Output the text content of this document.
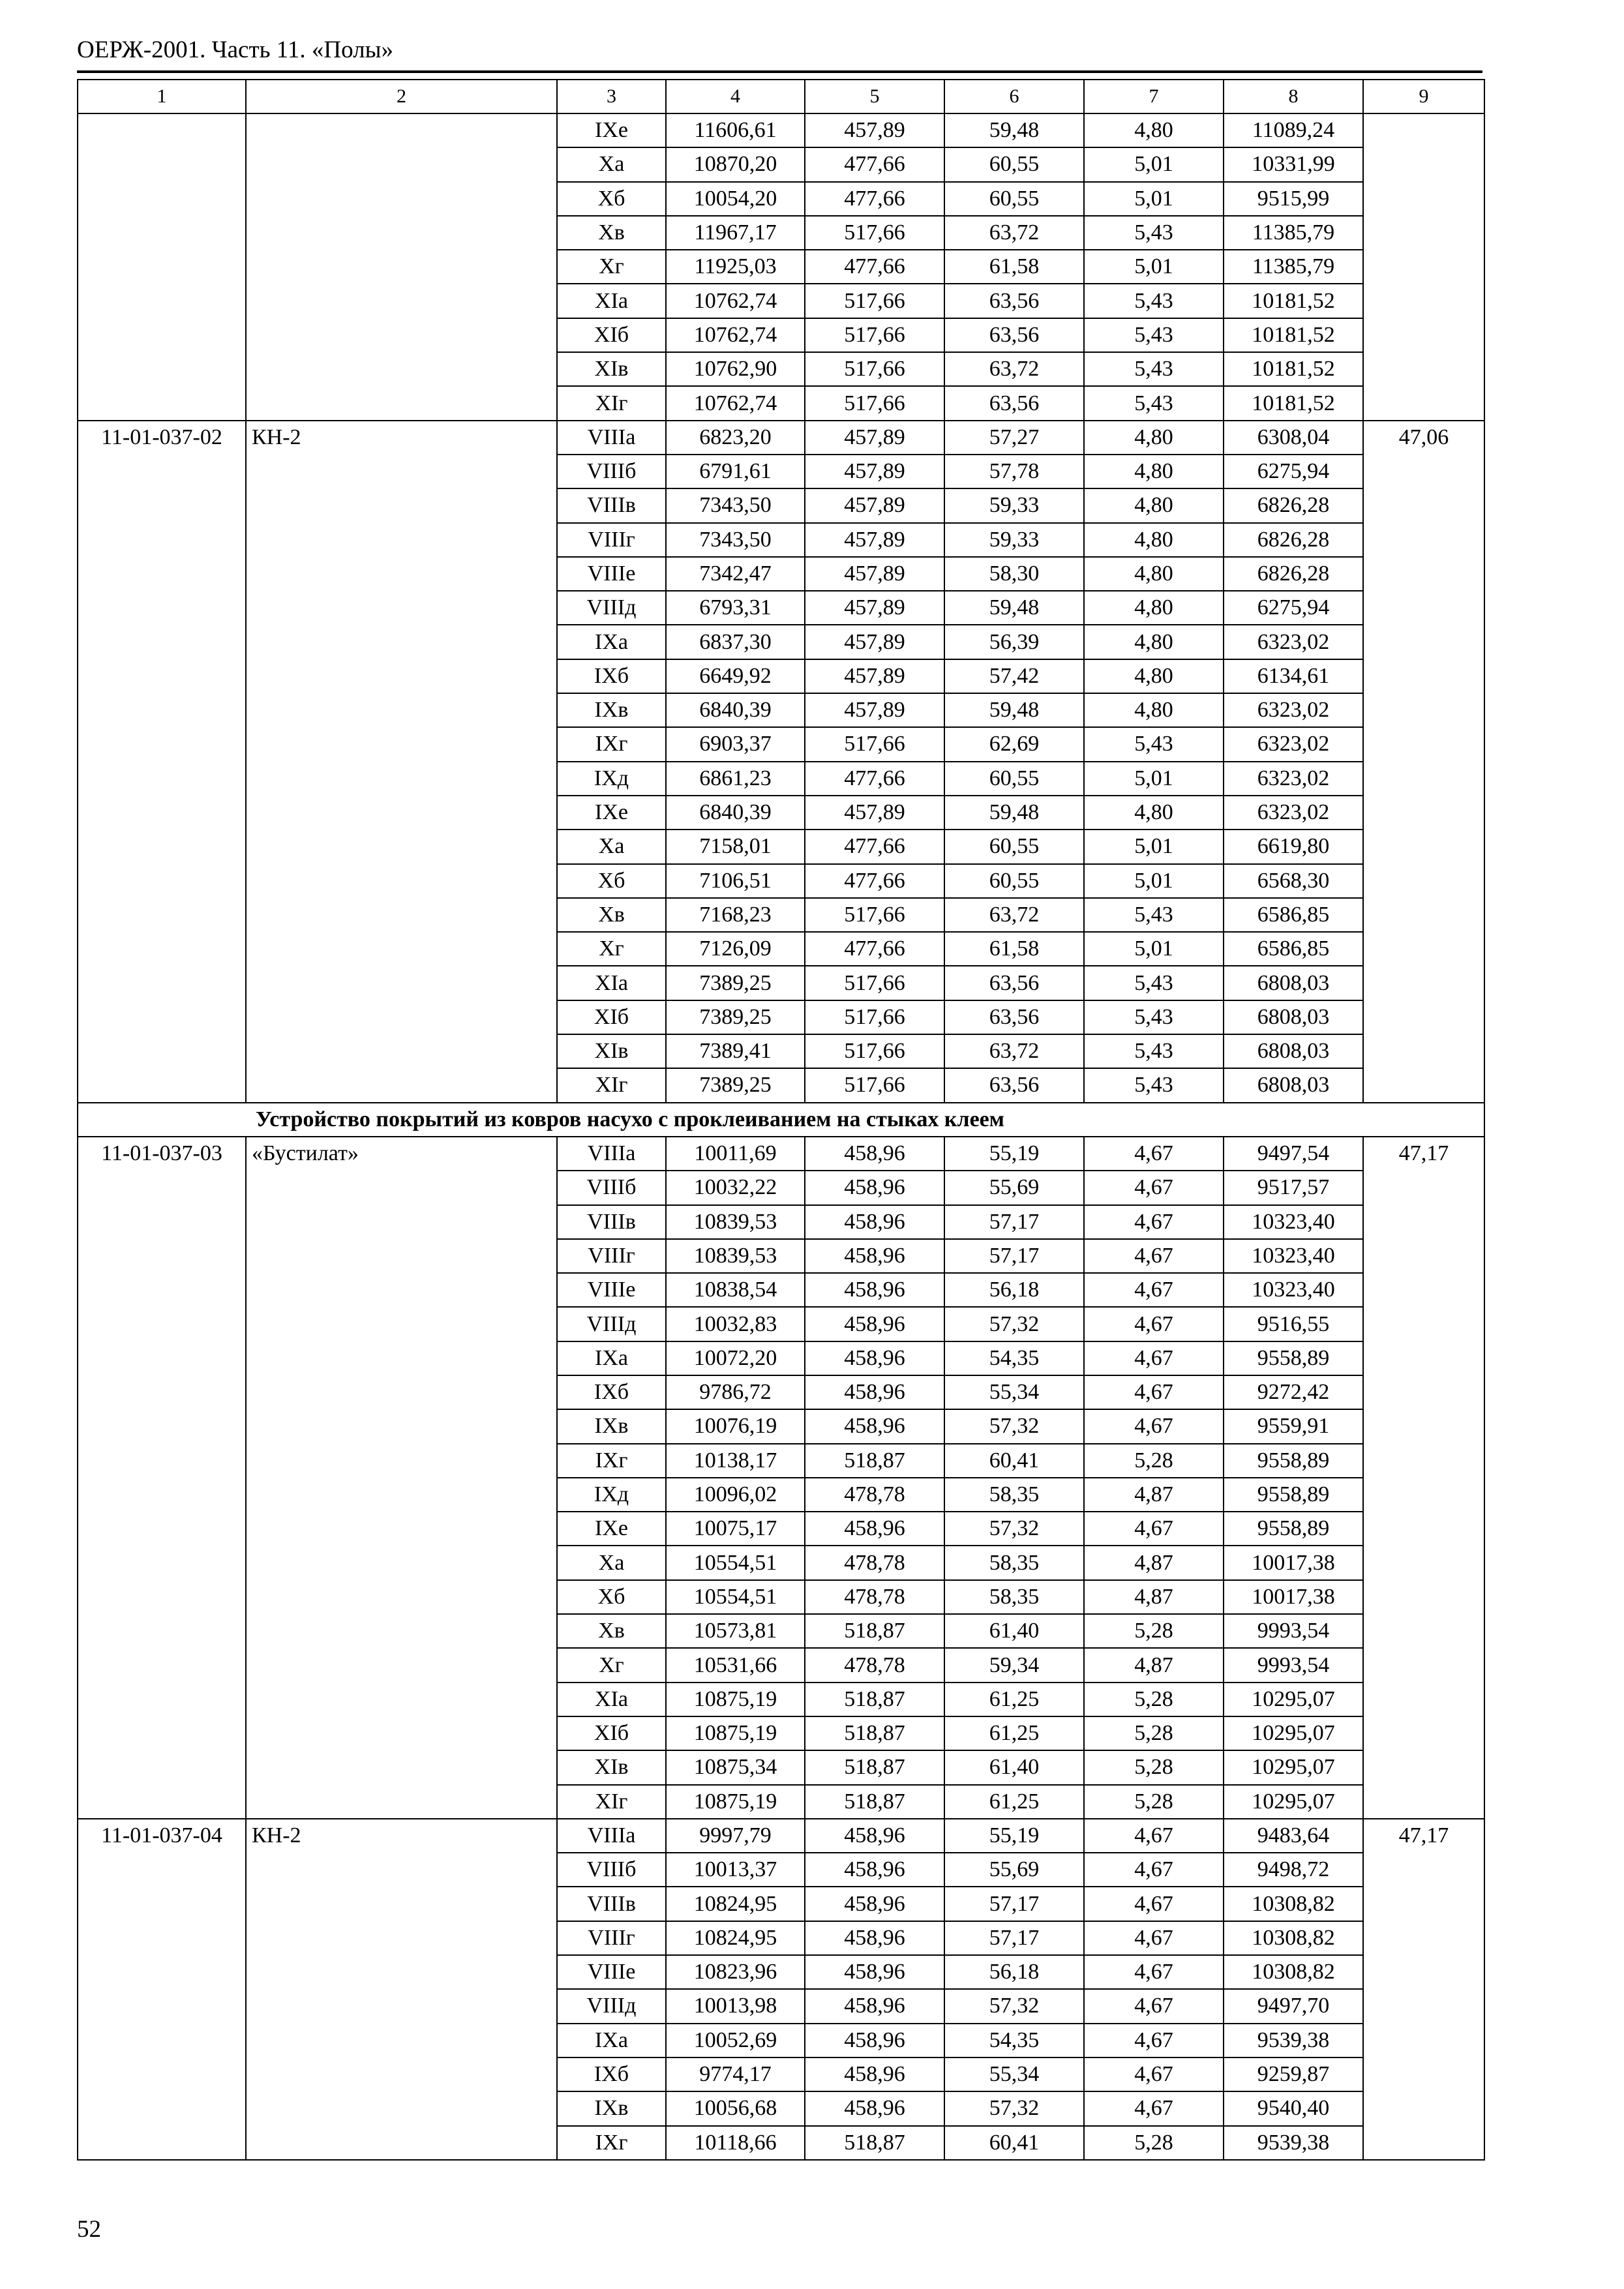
ОЕРЖ-2001. Часть 11. «Полы»
1	2	3	4	5	6	7	8	9
		IXe	11606,61	457,89	59,48	4,80	11089,24	
		Xa	10870,20	477,66	60,55	5,01	10331,99	
		Xб	10054,20	477,66	60,55	5,01	9515,99	
		Xв	11967,17	517,66	63,72	5,43	11385,79	
		Xг	11925,03	477,66	61,58	5,01	11385,79	
		XIa	10762,74	517,66	63,56	5,43	10181,52	
		XIб	10762,74	517,66	63,56	5,43	10181,52	
		XIв	10762,90	517,66	63,72	5,43	10181,52	
		XIг	10762,74	517,66	63,56	5,43	10181,52	
11-01-037-02	КН-2	VIIIa	6823,20	457,89	57,27	4,80	6308,04	47,06
		VIIIб	6791,61	457,89	57,78	4,80	6275,94	
		VIIIв	7343,50	457,89	59,33	4,80	6826,28	
		VIIIг	7343,50	457,89	59,33	4,80	6826,28	
		VIIIe	7342,47	457,89	58,30	4,80	6826,28	
		VIIIд	6793,31	457,89	59,48	4,80	6275,94	
		IXa	6837,30	457,89	56,39	4,80	6323,02	
		IXб	6649,92	457,89	57,42	4,80	6134,61	
		IXв	6840,39	457,89	59,48	4,80	6323,02	
		IXг	6903,37	517,66	62,69	5,43	6323,02	
		IXд	6861,23	477,66	60,55	5,01	6323,02	
		IXe	6840,39	457,89	59,48	4,80	6323,02	
		Xa	7158,01	477,66	60,55	5,01	6619,80	
		Xб	7106,51	477,66	60,55	5,01	6568,30	
		Xв	7168,23	517,66	63,72	5,43	6586,85	
		Xг	7126,09	477,66	61,58	5,01	6586,85	
		XIa	7389,25	517,66	63,56	5,43	6808,03	
		XIб	7389,25	517,66	63,56	5,43	6808,03	
		XIв	7389,41	517,66	63,72	5,43	6808,03	
		XIг	7389,25	517,66	63,56	5,43	6808,03	
Устройство покрытий из ковров насухо с проклеиванием на стыках клеем								
11-01-037-03	«Бустилат»	VIIIa	10011,69	458,96	55,19	4,67	9497,54	47,17
		VIIIб	10032,22	458,96	55,69	4,67	9517,57	
		VIIIв	10839,53	458,96	57,17	4,67	10323,40	
		VIIIг	10839,53	458,96	57,17	4,67	10323,40	
		VIIIe	10838,54	458,96	56,18	4,67	10323,40	
		VIIIд	10032,83	458,96	57,32	4,67	9516,55	
		IXa	10072,20	458,96	54,35	4,67	9558,89	
		IXб	9786,72	458,96	55,34	4,67	9272,42	
		IXв	10076,19	458,96	57,32	4,67	9559,91	
		IXг	10138,17	518,87	60,41	5,28	9558,89	
		IXд	10096,02	478,78	58,35	4,87	9558,89	
		IXe	10075,17	458,96	57,32	4,67	9558,89	
		Xa	10554,51	478,78	58,35	4,87	10017,38	
		Xб	10554,51	478,78	58,35	4,87	10017,38	
		Xв	10573,81	518,87	61,40	5,28	9993,54	
		Xг	10531,66	478,78	59,34	4,87	9993,54	
		XIa	10875,19	518,87	61,25	5,28	10295,07	
		XIб	10875,19	518,87	61,25	5,28	10295,07	
		XIв	10875,34	518,87	61,40	5,28	10295,07	
		XIг	10875,19	518,87	61,25	5,28	10295,07	
11-01-037-04	КН-2	VIIIa	9997,79	458,96	55,19	4,67	9483,64	47,17
		VIIIб	10013,37	458,96	55,69	4,67	9498,72	
		VIIIв	10824,95	458,96	57,17	4,67	10308,82	
		VIIIг	10824,95	458,96	57,17	4,67	10308,82	
		VIIIe	10823,96	458,96	56,18	4,67	10308,82	
		VIIIд	10013,98	458,96	57,32	4,67	9497,70	
		IXa	10052,69	458,96	54,35	4,67	9539,38	
		IXб	9774,17	458,96	55,34	4,67	9259,87	
		IXв	10056,68	458,96	57,32	4,67	9540,40	
		IXг	10118,66	518,87	60,41	5,28	9539,38	
52
